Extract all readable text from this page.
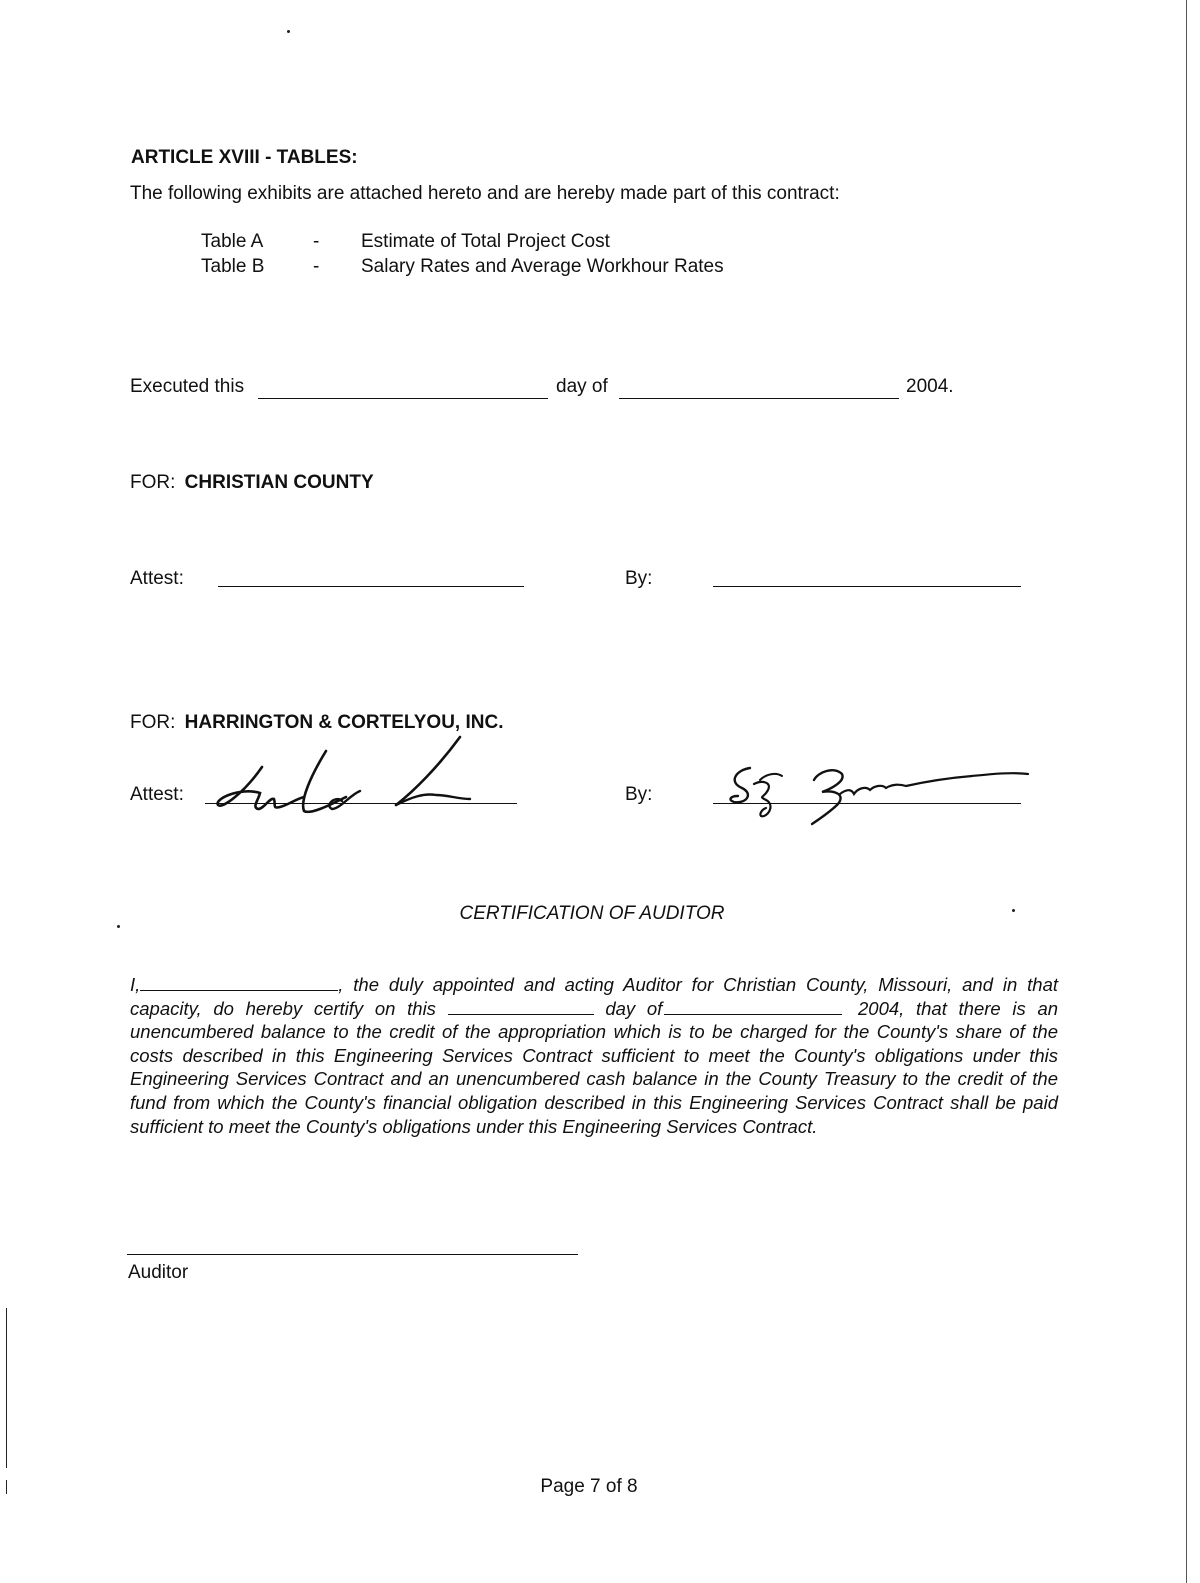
ARTICLE XVIII - TABLES:
The following exhibits are attached hereto and are hereby made part of this contract:
Table A	- Estimate of Total Project Cost
Table B	- Salary Rates and Average Workhour Rates
Executed this	day of	2004.
FOR: CHRISTIAN COUNTY
Attest:	By:
FOR: HARRINGTON & CORTELYOU, INC.
Attest:	By:
CERTIFICATION OF AUDITOR
I,	, the duly appointed and acting Auditor for Christian County, Missouri, and in that capacity, do hereby certify on this	day of	2004, that there is an unencumbered balance to the credit of the appropriation which is to be charged for the County's share of the costs described in this Engineering Services Contract sufficient to meet the County's obligations under this Engineering Services Contract and an unencumbered cash balance in the County Treasury to the credit of the fund from which the County's financial obligation described in this Engineering Services Contract shall be paid sufficient to meet the County's obligations under this Engineering Services Contract.
Auditor
Page 7 of 8
